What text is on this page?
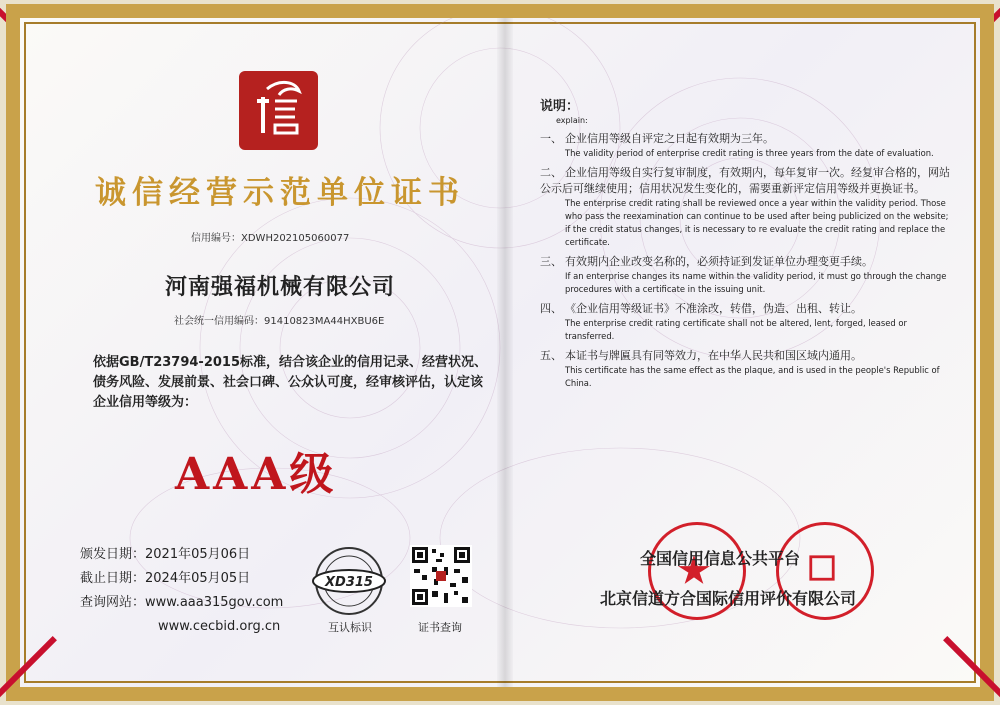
诚信经营示范单位证书
信用编号：XDWH202105060077
河南强福机械有限公司
社会统一信用编码：91410823MA44HXBU6E
依据GB/T23794-2015标准，结合该企业的信用记录、经营状况、债务风险、发展前景、社会口碑、公众认可度，经审核评估，认定该企业信用等级为：
AAA级
颁发日期：2021年05月06日
截止日期：2024年05月05日
查询网站：www.aaa315gov.com
www.cecbid.org.cn
XD315
互认标识	证书查询
说明：
explain:
一、 企业信用等级自评定之日起有效期为三年。
The validity period of enterprise credit rating is three years from the date of evaluation.
二、 企业信用等级自实行复审制度，有效期内，每年复审一次。经复审合格的，网站公示后可继续使用；信用状况发生变化的，需要重新评定信用等级并更换证书。
The enterprise credit rating shall be reviewed once a year within the validity period. Those who pass the reexamination can continue to be used after being publicized on the website; if the credit status changes, it is necessary to re evaluate the credit rating and replace the certificate.
三、 有效期内企业改变名称的，必须持证到发证单位办理变更手续。
If an enterprise changes its name within the validity period, it must go through the change procedures with a certificate in the issuing unit.
四、 《企业信用等级证书》不准涂改，转借，伪造、出租、转让。
The enterprise credit rating certificate shall not be altered, lent, forged, leased or transferred.
五、 本证书与牌匾具有同等效力，在中华人民共和国区域内通用。
This certificate has the same effect as the plaque, and is used in the people's Republic of China.
全国信用信息公共平台
北京信道方合国际信用评价有限公司
